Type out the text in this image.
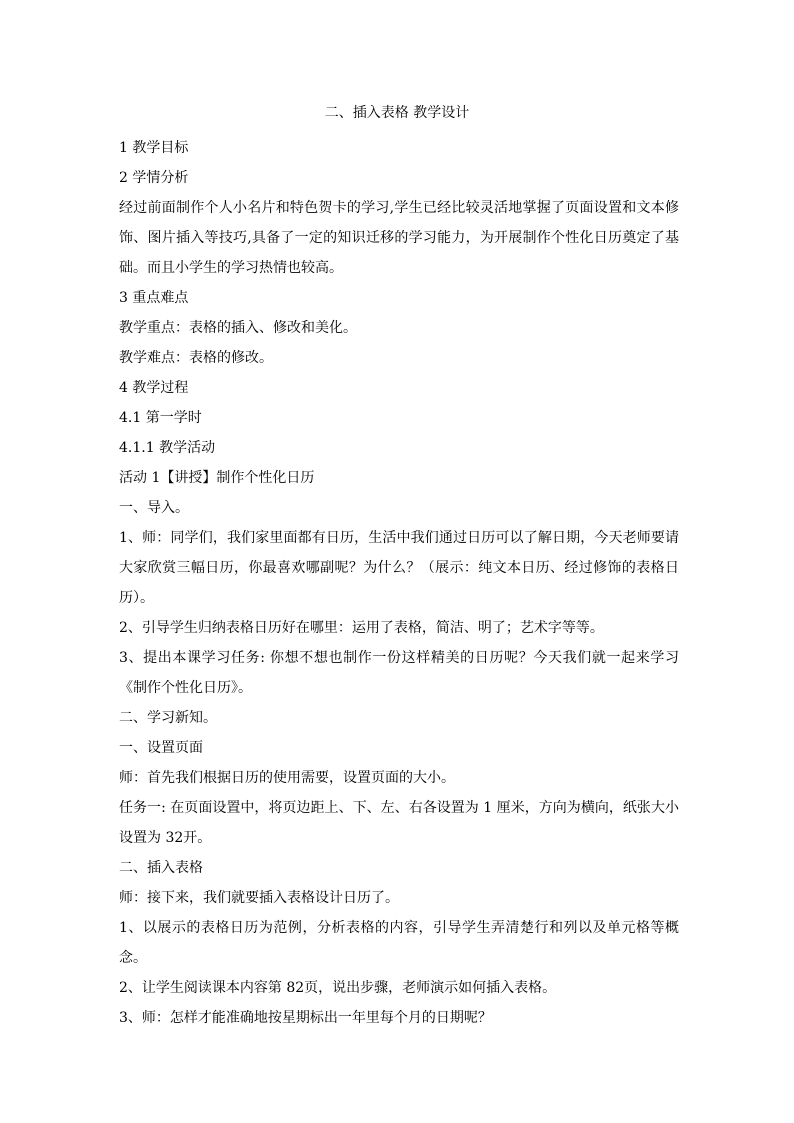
二、插入表格 教学设计

1 教学目标

2 学情分析

经过前面制作个人小名片和特色贺卡的学习,学生已经比较灵活地掌握了页面设置和文本修饰、图片插入等技巧,具备了一定的知识迁移的学习能力，为开展制作个性化日历奠定了基础。而且小学生的学习热情也较高。

3 重点难点

教学重点：表格的插入、修改和美化。

教学难点：表格的修改。

4 教学过程

4.1 第一学时

4.1.1 教学活动

活动 1【讲授】制作个性化日历

一、导入。

1、师：同学们，我们家里面都有日历，生活中我们通过日历可以了解日期，今天老师要请大家欣赏三幅日历，你最喜欢哪副呢？为什么？（展示：纯文本日历、经过修饰的表格日历）。

2、引导学生归纳表格日历好在哪里：运用了表格，简洁、明了；艺术字等等。

3、提出本课学习任务: 你想不想也制作一份这样精美的日历呢？今天我们就一起来学习《制作个性化日历》。

二、学习新知。

一、设置页面

师：首先我们根据日历的使用需要，设置页面的大小。

任务一: 在页面设置中，将页边距上、下、左、右各设置为 1 厘米，方向为横向，纸张大小设置为 32开。

二、插入表格

师：接下来，我们就要插入表格设计日历了。

1、以展示的表格日历为范例，分析表格的内容，引导学生弄清楚行和列以及单元格等概念。

2、让学生阅读课本内容第 82页，说出步骤，老师演示如何插入表格。

3、师：怎样才能准确地按星期标出一年里每个月的日期呢？
